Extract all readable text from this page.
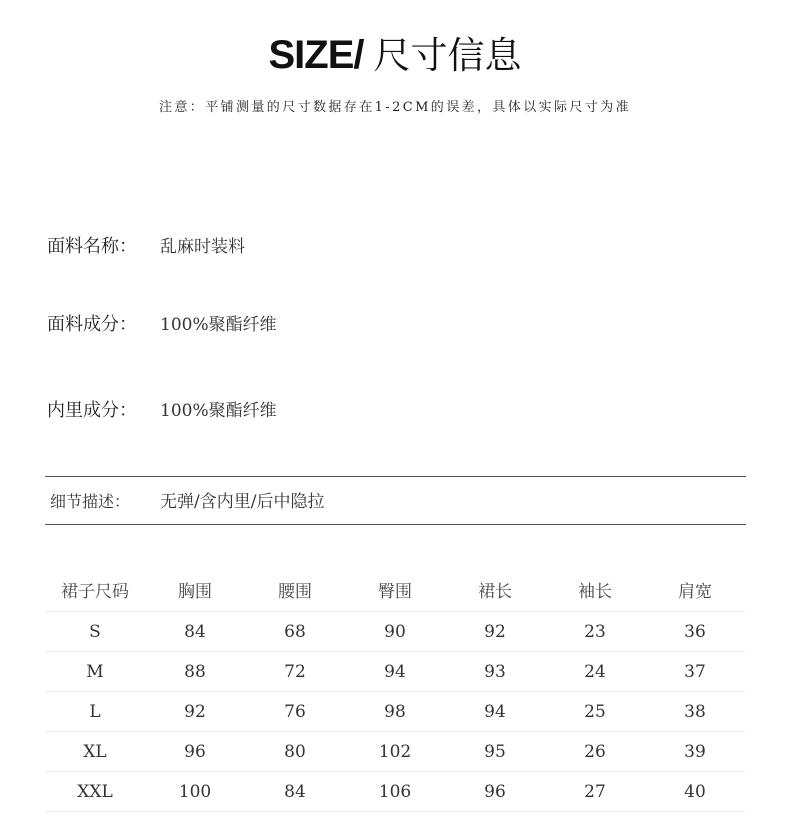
SIZE/ 尺寸信息
注意：平铺测量的尺寸数据存在1-2CM的误差，具体以实际尺寸为准
面料名称： 乱麻时装料
面料成分： 100%聚酯纤维
内里成分： 100%聚酯纤维
细节描述： 无弹/含内里/后中隐拉
裙子尺码	胸围	腰围	臀围	裙长	袖长	肩宽
S	84	68	90	92	23	36
M	88	72	94	93	24	37
L	92	76	98	94	25	38
XL	96	80	102	95	26	39
XXL	100	84	106	96	27	40
